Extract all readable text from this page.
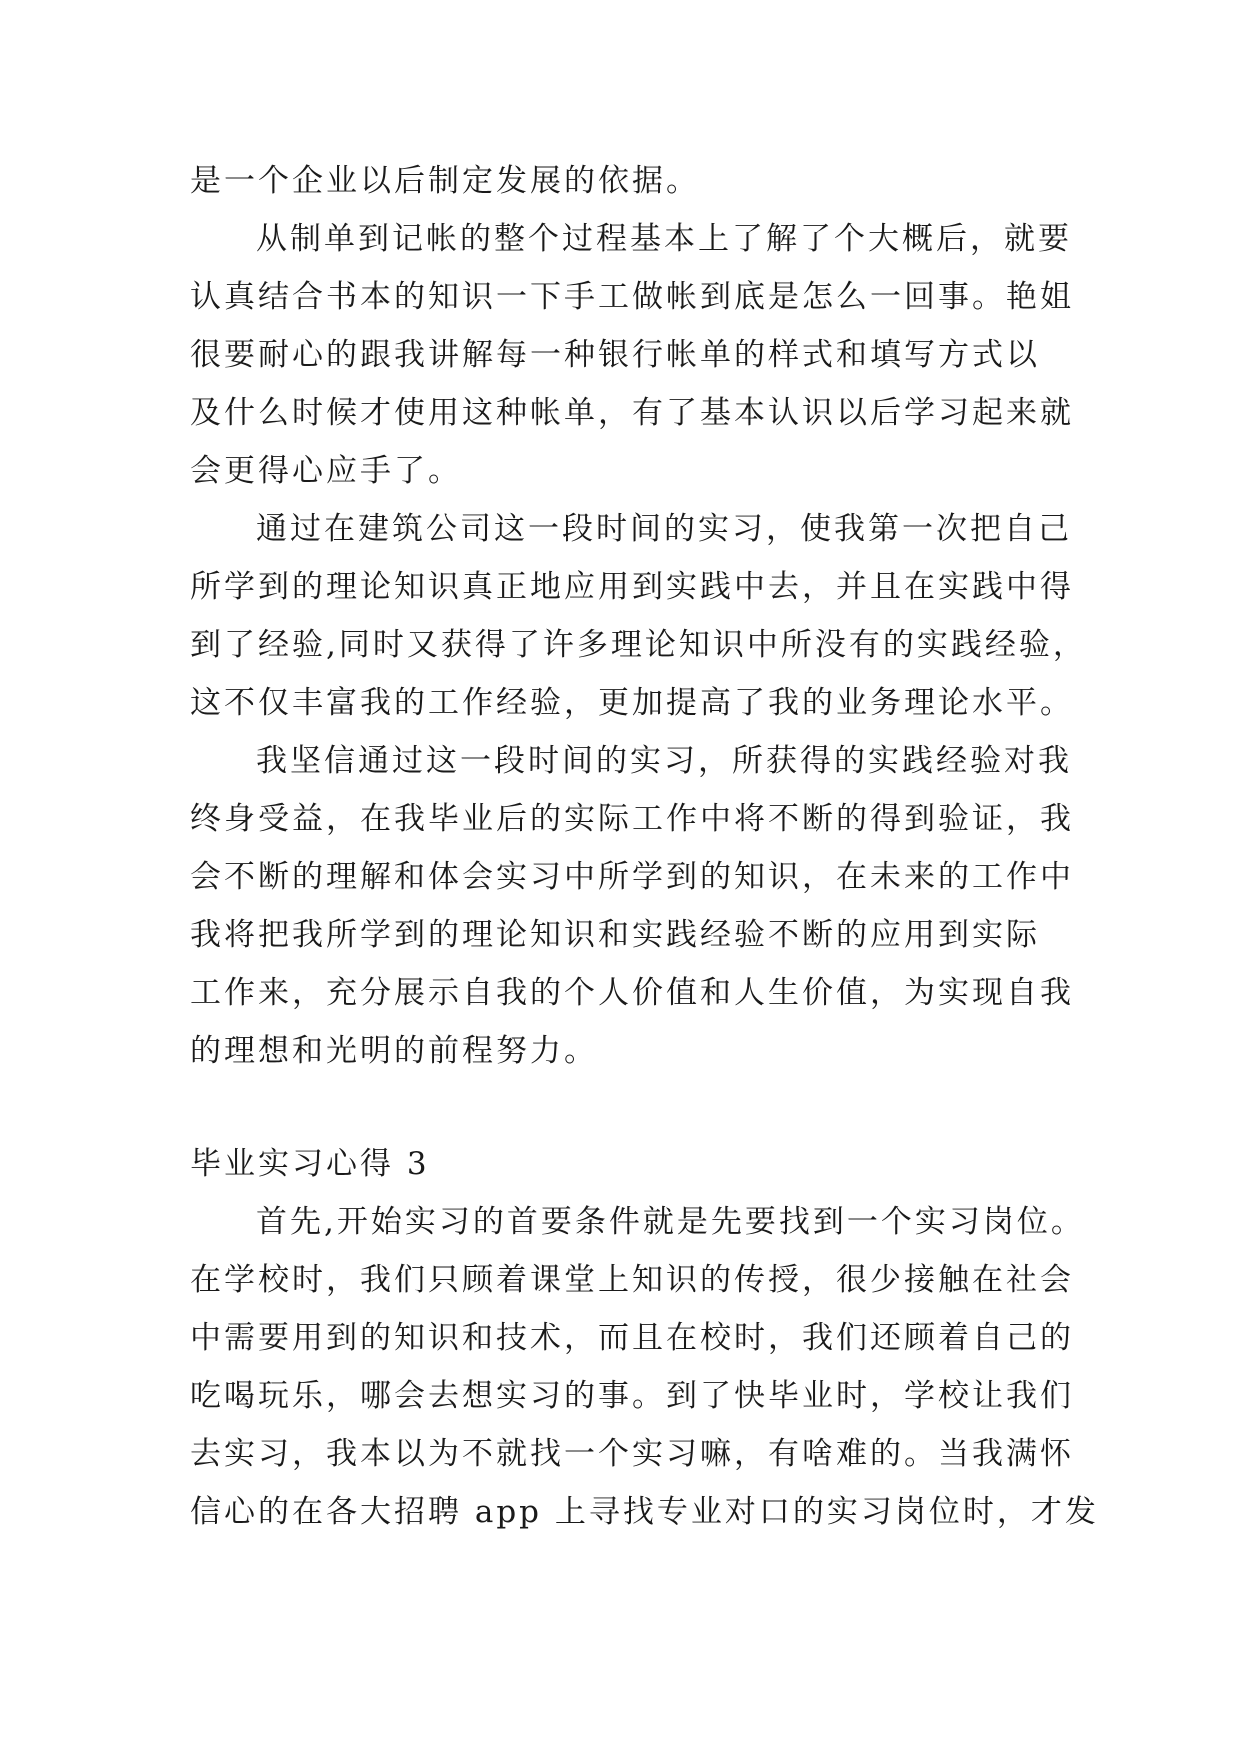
是一个企业以后制定发展的依据。
从制单到记帐的整个过程基本上了解了个大概后，就要
认真结合书本的知识一下手工做帐到底是怎么一回事。艳姐
很要耐心的跟我讲解每一种银行帐单的样式和填写方式以
及什么时候才使用这种帐单，有了基本认识以后学习起来就
会更得心应手了。
通过在建筑公司这一段时间的实习，使我第一次把自己
所学到的理论知识真正地应用到实践中去，并且在实践中得
到了经验,同时又获得了许多理论知识中所没有的实践经验，
这不仅丰富我的工作经验，更加提高了我的业务理论水平。
我坚信通过这一段时间的实习，所获得的实践经验对我
终身受益，在我毕业后的实际工作中将不断的得到验证，我
会不断的理解和体会实习中所学到的知识，在未来的工作中
我将把我所学到的理论知识和实践经验不断的应用到实际
工作来，充分展示自我的个人价值和人生价值，为实现自我
的理想和光明的前程努力。
毕业实习心得 3
首先,开始实习的首要条件就是先要找到一个实习岗位。
在学校时，我们只顾着课堂上知识的传授，很少接触在社会
中需要用到的知识和技术，而且在校时，我们还顾着自己的
吃喝玩乐，哪会去想实习的事。到了快毕业时，学校让我们
去实习，我本以为不就找一个实习嘛，有啥难的。当我满怀
信心的在各大招聘 app 上寻找专业对口的实习岗位时，才发
